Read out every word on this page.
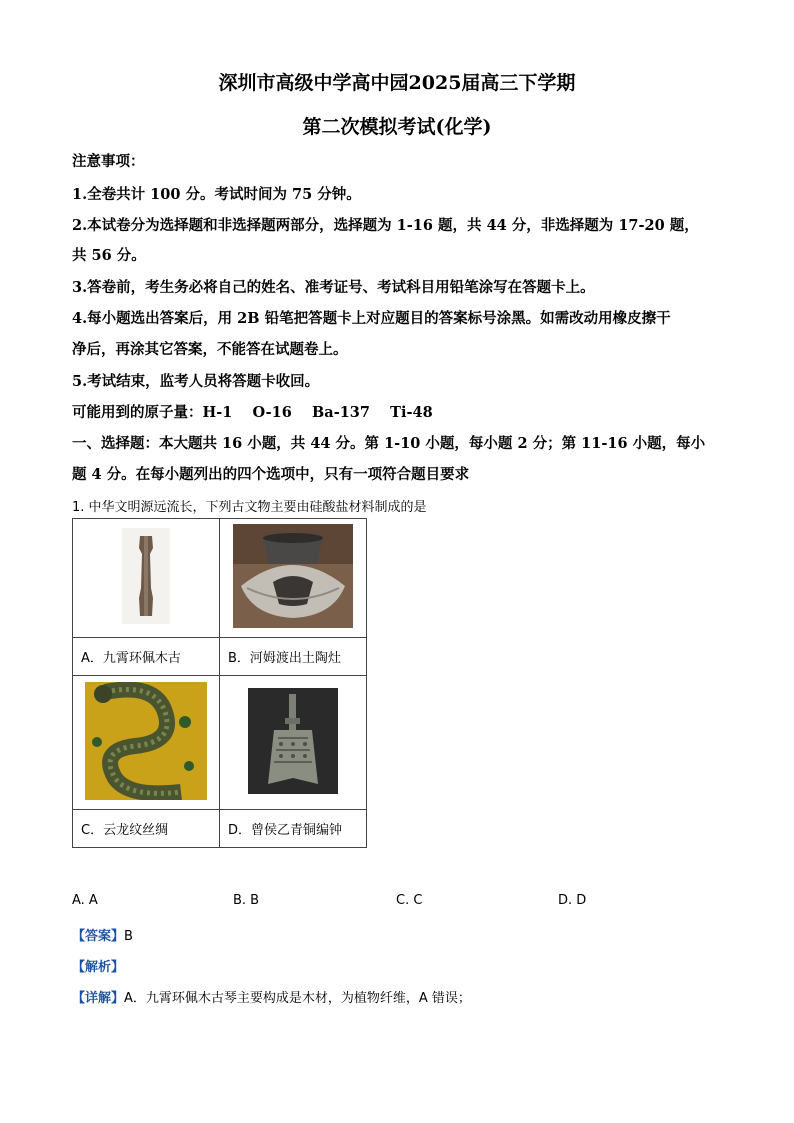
深圳市高级中学高中园2025届高三下学期
第二次模拟考试(化学)
注意事项：
1.全卷共计 100 分。考试时间为 75 分钟。
2.本试卷分为选择题和非选择题两部分，选择题为 1-16 题，共 44 分，非选择题为 17-20 题，
共 56 分。
3.答卷前，考生务必将自己的姓名、准考证号、考试科目用铅笔涂写在答题卡上。
4.每小题选出答案后，用 2B 铅笔把答题卡上对应题目的答案标号涂黑。如需改动用橡皮擦干
净后，再涂其它答案，不能答在试题卷上。
5.考试结束，监考人员将答题卡收回。
可能用到的原子量：H-1    O-16    Ba-137    Ti-48
一、选择题：本大题共 16 小题，共 44 分。第 1-10 小题，每小题 2 分；第 11-16 小题，每小
题 4 分。在每小题列出的四个选项中，只有一项符合题目要求
1. 中华文明源远流长，下列古文物主要由硅酸盐材料制成的是

A．九霄环佩木古	B．河姆渡出土陶灶

C．云龙纹丝绸	D．曾侯乙青铜编钟
A. A	B. B	C. C	D. D
【答案】B
【解析】
【详解】A．九霄环佩木古琴主要构成是木材，为植物纤维，A 错误；
